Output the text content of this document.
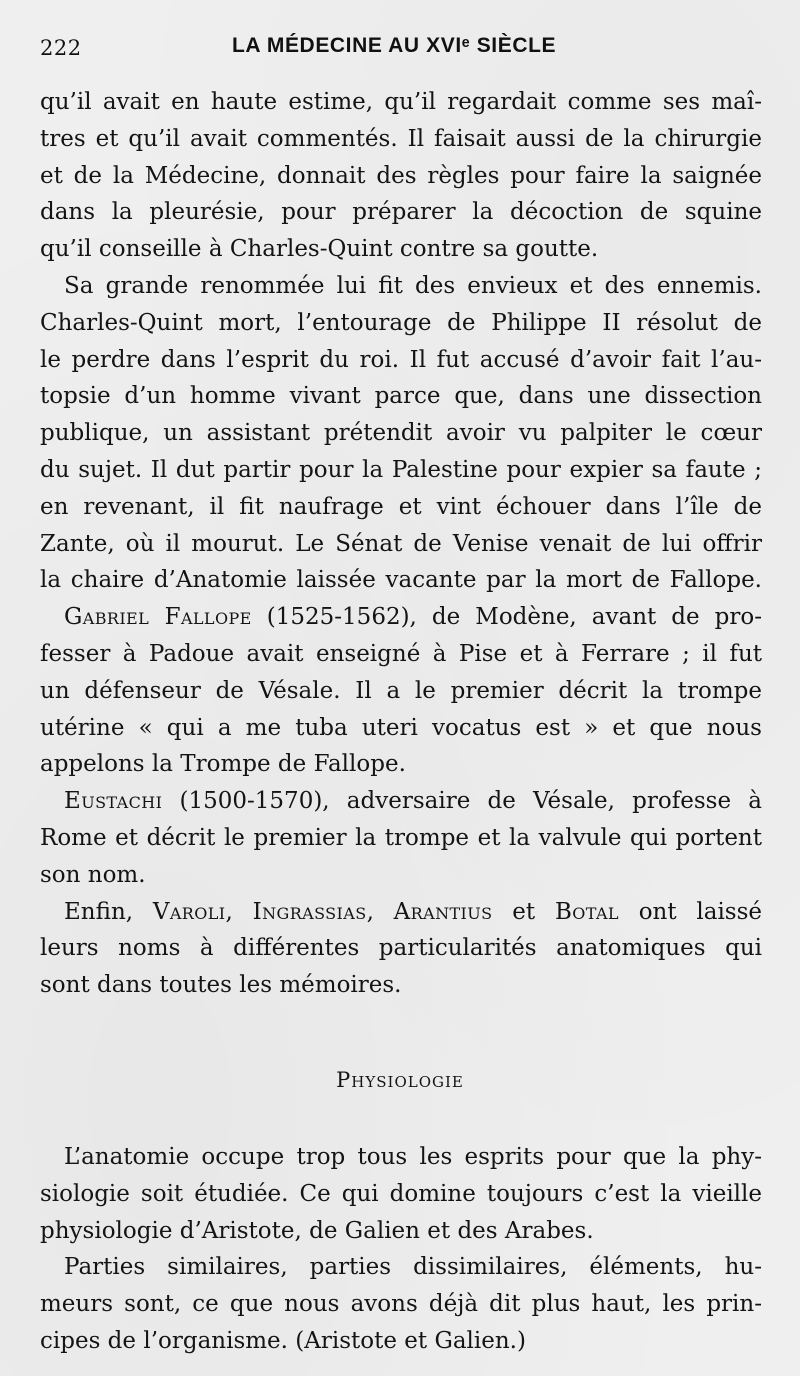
222	LA MÉDECINE AU XVIᵉ SIÈCLE
qu’il avait en haute estime, qu’il regardait comme ses maî-
tres et qu’il avait commentés. Il faisait aussi de la chirurgie
et de la Médecine, donnait des règles pour faire la saignée
dans la pleurésie, pour préparer la décoction de squine
qu’il conseille à Charles-Quint contre sa goutte.
Sa grande renommée lui fit des envieux et des ennemis.
Charles-Quint mort, l’entourage de Philippe II résolut de
le perdre dans l’esprit du roi. Il fut accusé d’avoir fait l’au-
topsie d’un homme vivant parce que, dans une dissection
publique, un assistant prétendit avoir vu palpiter le cœur
du sujet. Il dut partir pour la Palestine pour expier sa faute ;
en revenant, il fit naufrage et vint échouer dans l’île de
Zante, où il mourut. Le Sénat de Venise venait de lui offrir
la chaire d’Anatomie laissée vacante par la mort de Fallope.
Gabriel Fallope (1525-1562), de Modène, avant de pro-
fesser à Padoue avait enseigné à Pise et à Ferrare ; il fut
un défenseur de Vésale. Il a le premier décrit la trompe
utérine « qui a me tuba uteri vocatus est » et que nous
appelons la Trompe de Fallope.
Eustachi (1500-1570), adversaire de Vésale, professe à
Rome et décrit le premier la trompe et la valvule qui portent
son nom.
Enfin, Varoli, Ingrassias, Arantius et Botal ont laissé
leurs noms à différentes particularités anatomiques qui
sont dans toutes les mémoires.
Physiologie
L’anatomie occupe trop tous les esprits pour que la phy-
siologie soit étudiée. Ce qui domine toujours c’est la vieille
physiologie d’Aristote, de Galien et des Arabes.
Parties similaires, parties dissimilaires, éléments, hu-
meurs sont, ce que nous avons déjà dit plus haut, les prin-
cipes de l’organisme. (Aristote et Galien.)
